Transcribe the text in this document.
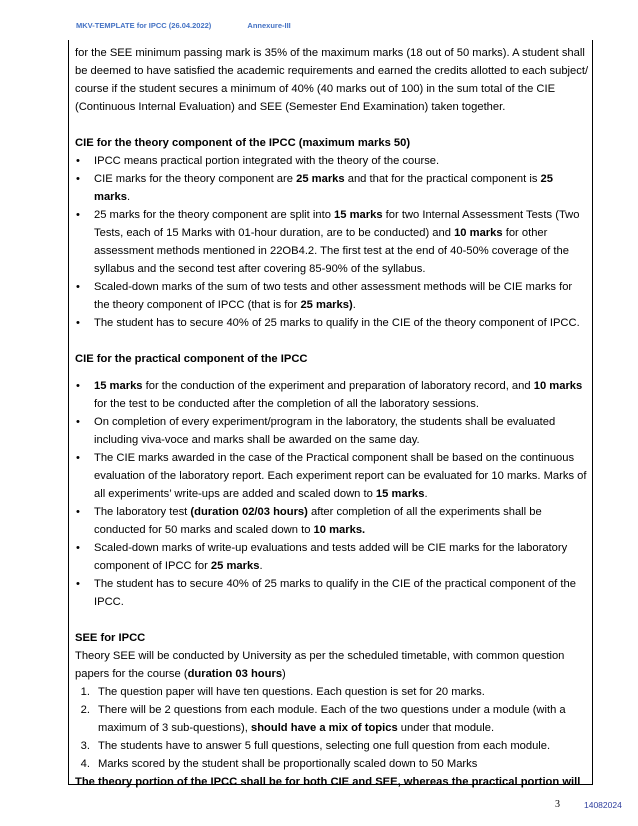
MKV-TEMPLATE for IPCC (26.04.2022)	Annexure-III

for the SEE minimum passing mark is 35% of the maximum marks (18 out of 50 marks). A student shall be deemed to have satisfied the academic requirements and earned the credits allotted to each subject/ course if the student secures a minimum of 40% (40 marks out of 100) in the sum total of the CIE (Continuous Internal Evaluation) and SEE (Semester End Examination) taken together.

CIE for the theory component of the IPCC (maximum marks 50)

• IPCC means practical portion integrated with the theory of the course.
• CIE marks for the theory component are 25 marks and that for the practical component is 25 marks.
• 25 marks for the theory component are split into 15 marks for two Internal Assessment Tests (Two Tests, each of 15 Marks with 01-hour duration, are to be conducted) and 10 marks for other assessment methods mentioned in 22OB4.2. The first test at the end of 40-50% coverage of the syllabus and the second test after covering 85-90% of the syllabus.
• Scaled-down marks of the sum of two tests and other assessment methods will be CIE marks for the theory component of IPCC (that is for 25 marks).
• The student has to secure 40% of 25 marks to qualify in the CIE of the theory component of IPCC.

CIE for the practical component of the IPCC

• 15 marks for the conduction of the experiment and preparation of laboratory record, and 10 marks for the test to be conducted after the completion of all the laboratory sessions.
• On completion of every experiment/program in the laboratory, the students shall be evaluated including viva-voce and marks shall be awarded on the same day.
• The CIE marks awarded in the case of the Practical component shall be based on the continuous evaluation of the laboratory report. Each experiment report can be evaluated for 10 marks. Marks of all experiments’ write-ups are added and scaled down to 15 marks.
• The laboratory test (duration 02/03 hours) after completion of all the experiments shall be conducted for 50 marks and scaled down to 10 marks.
• Scaled-down marks of write-up evaluations and tests added will be CIE marks for the laboratory component of IPCC for 25 marks.
• The student has to secure 40% of 25 marks to qualify in the CIE of the practical component of the IPCC.

SEE for IPCC

Theory SEE will be conducted by University as per the scheduled timetable, with common question papers for the course (duration 03 hours)

1. The question paper will have ten questions. Each question is set for 20 marks.
2. There will be 2 questions from each module. Each of the two questions under a module (with a maximum of 3 sub-questions), should have a mix of topics under that module.
3. The students have to answer 5 full questions, selecting one full question from each module.
4. Marks scored by the student shall be proportionally scaled down to 50 Marks

The theory portion of the IPCC shall be for both CIE and SEE, whereas the practical portion will

3	14082024
